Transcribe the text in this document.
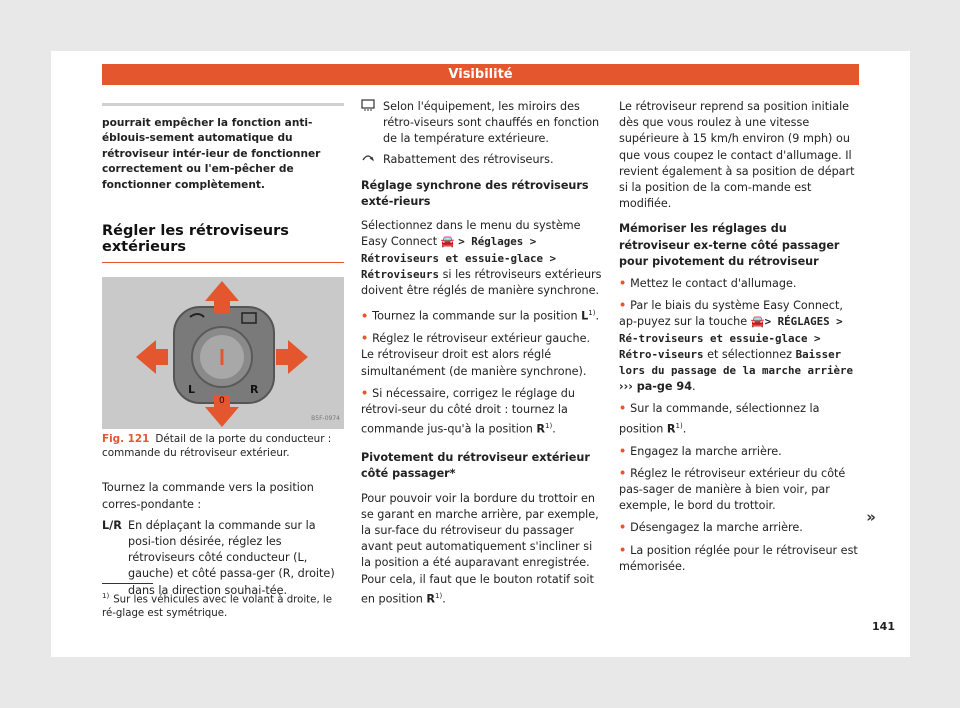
Visibilité
pourrait empêcher la fonction anti-éblouis-sement automatique du rétroviseur intér-ieur de fonctionner correctement ou l'em-pêcher de fonctionner complètement.
Régler les rétroviseurs extérieurs
L	R
0
B5F-0974
Fig. 121 Détail de la porte du conducteur : commande du rétroviseur extérieur.

Tournez la commande vers la position corres-pondante :

L/R En déplaçant la commande sur la posi-tion désirée, réglez les rétroviseurs côté conducteur (L, gauche) et côté passa-ger (R, droite) dans la direction souhai-tée.
Selon l'équipement, les miroirs des rétro-viseurs sont chauffés en fonction de la température extérieure.
Rabattement des rétroviseurs.
Réglage synchrone des rétroviseurs exté-rieurs

Sélectionnez dans le menu du système Easy Connect 🚘 > Réglages > Rétroviseurs et essuie-glace > Rétroviseurs si les rétroviseurs extérieurs doivent être réglés de manière synchrone.

• Tournez la commande sur la position $L^{1)}$.

• Réglez le rétroviseur extérieur gauche. Le rétroviseur droit est alors réglé simultanément (de manière synchrone).

• Si nécessaire, corrigez le réglage du rétrovi-seur du côté droit : tournez la commande jus-qu'à la position $R^{1)}$.

Pivotement du rétroviseur extérieur côté passager*

Pour pouvoir voir la bordure du trottoir en se garant en marche arrière, par exemple, la sur-face du rétroviseur du passager avant peut automatiquement s'incliner si la position a été auparavant enregistrée. Pour cela, il faut que le bouton rotatif soit en position $R^{1)}$.

Le rétroviseur reprend sa position initiale dès que vous roulez à une vitesse supérieure à 15 km/h environ (9 mph) ou que vous coupez le contact d'allumage. Il revient également à sa position de départ si la position de la com-mande est modifiée.

Mémoriser les réglages du rétroviseur ex-terne côté passager pour pivotement du rétroviseur

• Mettez le contact d'allumage.

• Par le biais du système Easy Connect, ap-puyez sur la touche 🚘> RÉGLAGES > Ré-troviseurs et essuie-glace > Rétro-viseurs et sélectionnez Baisser lors du passage de la marche arrière ››› pa-ge 94.

• Sur la commande, sélectionnez la position $R^{1)}$.

• Engagez la marche arrière.

• Réglez le rétroviseur extérieur du côté pas-sager de manière à bien voir, par exemple, le bord du trottoir.

• Désengagez la marche arrière.

• La position réglée pour le rétroviseur est mémorisée.

»
$^{1)}$ Sur les véhicules avec le volant à droite, le ré-glage est symétrique.
141
